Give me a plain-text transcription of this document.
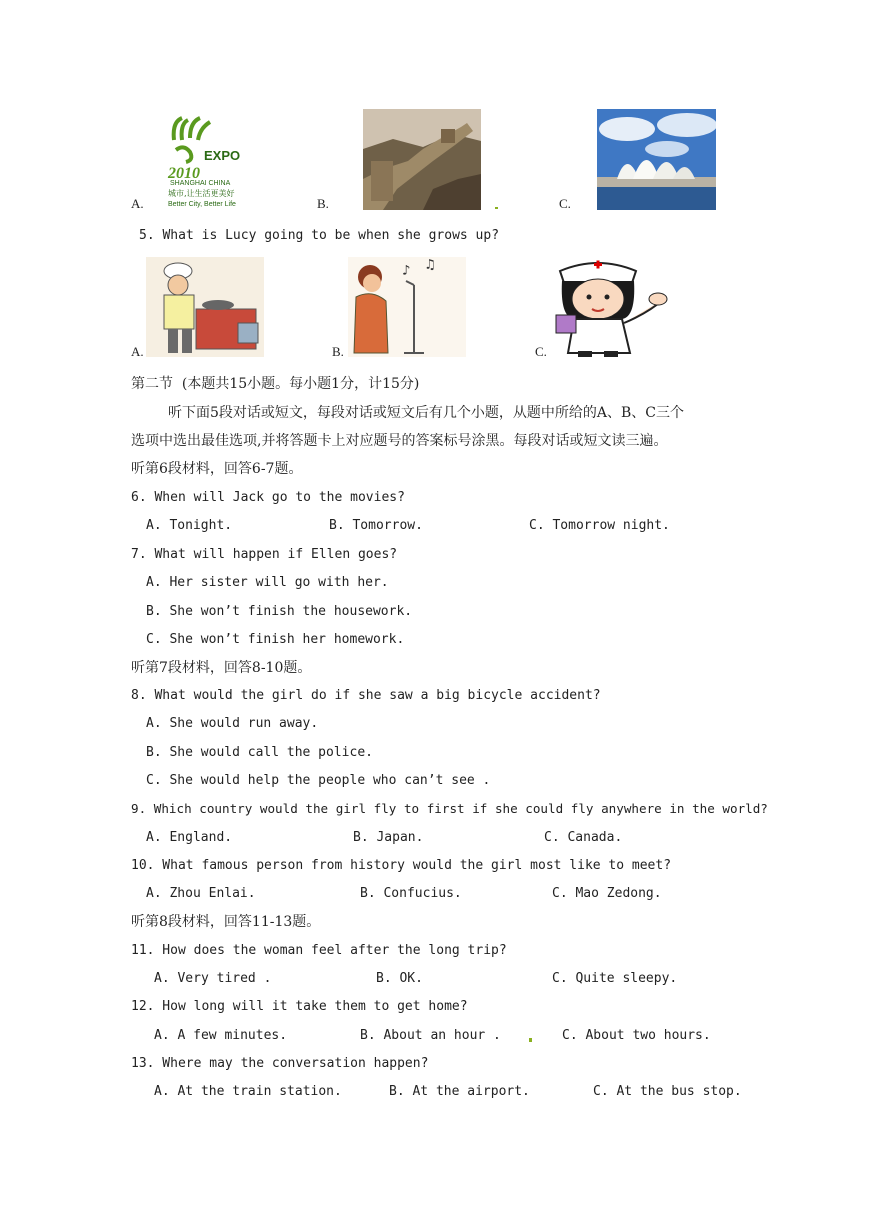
A.
EXPO
2010
SHANGHAI CHINA
城市,让生活更美好
Better City, Better Life	B.	C.
5. What is Lucy going to be when she grows up?
A.	B.
♪ ♫
C.
第二节  (本题共15小题。每小题1分，计15分)
听下面5段对话或短文，每段对话或短文后有几个小题，从题中所给的A、B、C三个
选项中选出最佳选项,并将答题卡上对应题号的答案标号涂黑。每段对话或短文读三遍。
听第6段材料，回答6-7题。
6. When will Jack go to the movies?
A. Tonight.	B. Tomorrow.	C. Tomorrow night.
7. What will happen if Ellen goes?
A. Her sister will go with her.
B. She won’t finish the housework.
C. She won’t finish her homework.
听第7段材料，回答8-10题。
8. What would the girl do if she saw a big bicycle accident?
A. She would run away.
B. She would call the police.
C. She would help the people who can’t see .
9. Which country would the girl fly to first if she could fly anywhere in the world?
A. England.	B. Japan.	C. Canada.
10. What famous person from history would the girl most like to meet?
A. Zhou Enlai.	B. Confucius.	C. Mao Zedong.
听第8段材料，回答11-13题。
11. How does the woman feel after the long trip?
A. Very tired .	B. OK.	C. Quite sleepy.
12. How long will it take them to get home?
A. A few minutes.	B. About an hour .	C. About two hours.
13. Where may the conversation happen?
A. At the train station.	B. At the airport.	C. At the bus stop.
